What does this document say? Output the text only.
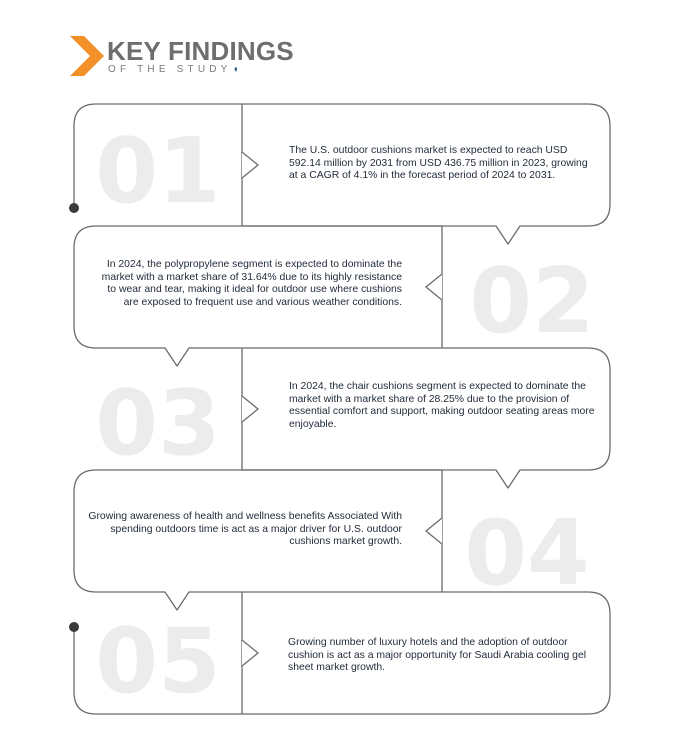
01
02
03
04
05
KEY FINDINGS
OF THE STUDY◖
The U.S. outdoor cushions market is expected to reach USD 592.14 million by 2031 from USD 436.75 million in 2023, growing at a CAGR of 4.1% in the forecast period of 2024 to 2031.
In 2024, the polypropylene segment is expected to dominate the market with a market share of 31.64% due to its highly resistance to wear and tear, making it ideal for outdoor use where cushions are exposed to frequent use and various weather conditions.
In 2024, the chair cushions segment is expected to dominate the market with a market share of 28.25% due to the provision of essential comfort and support, making outdoor seating areas more enjoyable.
Growing awareness of health and wellness benefits Associated With spending outdoors time is act as a major driver for U.S. outdoor cushions market growth.
Growing number of luxury hotels and the adoption of outdoor cushion is act as a major opportunity for Saudi Arabia cooling gel sheet market growth.
